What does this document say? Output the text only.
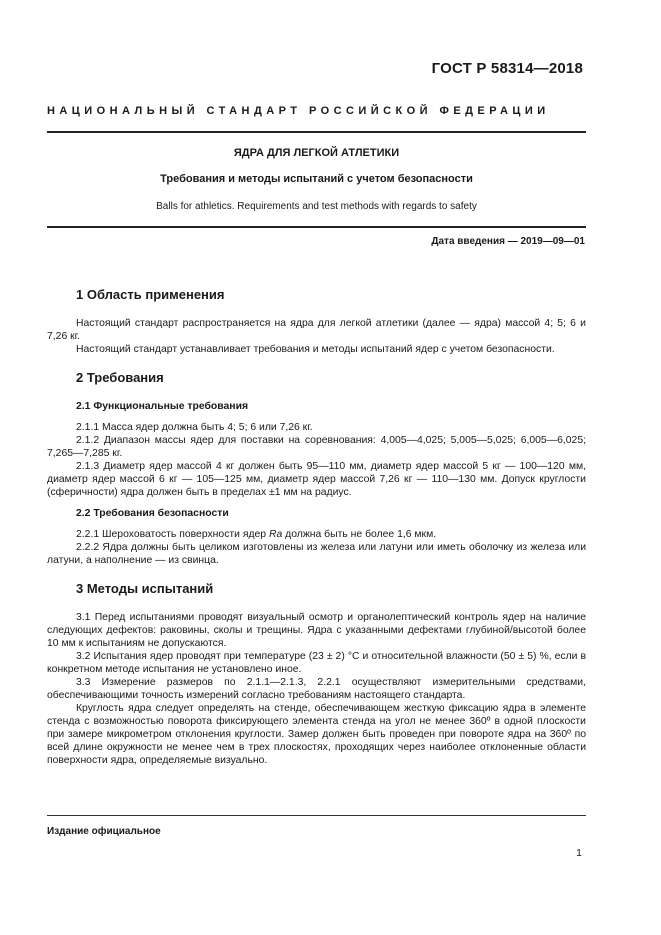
ГОСТ Р 58314—2018
НАЦИОНАЛЬНЫЙ СТАНДАРТ РОССИЙСКОЙ ФЕДЕРАЦИИ
ЯДРА ДЛЯ ЛЕГКОЙ АТЛЕТИКИ
Требования и методы испытаний с учетом безопасности
Balls for athletics. Requirements and test methods with regards to safety
Дата введения — 2019—09—01
1 Область применения

Настоящий стандарт распространяется на ядра для легкой атлетики (далее — ядра) массой 4; 5; 6 и 7,26 кг.

Настоящий стандарт устанавливает требования и методы испытаний ядер с учетом безопасности.

2 Требования
2.1 Функциональные требования

2.1.1 Масса ядер должна быть 4; 5; 6 или 7,26 кг.

2.1.2 Диапазон массы ядер для поставки на соревнования: 4,005—4,025; 5,005—5,025; 6,005—6,025; 7,265—7,285 кг.

2.1.3 Диаметр ядер массой 4 кг должен быть 95—110 мм, диаметр ядер массой 5 кг — 100—120 мм, диаметр ядер массой 6 кг — 105—125 мм, диаметр ядер массой 7,26 кг — 110—130 мм. Допуск круглости (сферичности) ядра должен быть в пределах ±1 мм на радиус.

2.2 Требования безопасности

2.2.1 Шероховатость поверхности ядер Ra должна быть не более 1,6 мкм.

2.2.2 Ядра должны быть целиком изготовлены из железа или латуни или иметь оболочку из железа или латуни, а наполнение — из свинца.

3 Методы испытаний

3.1 Перед испытаниями проводят визуальный осмотр и органолептический контроль ядер на наличие следующих дефектов: раковины, сколы и трещины. Ядра с указанными дефектами глубиной/высотой более 10 мм к испытаниям не допускаются.

3.2 Испытания ядер проводят при температуре (23 ± 2) °С и относительной влажности (50 ± 5) %, если в конкретном методе испытания не установлено иное.

3.3 Измерение размеров по 2.1.1—2.1.3, 2.2.1 осуществляют измерительными средствами, обеспечивающими точность измерений согласно требованиям настоящего стандарта.

Круглость ядра следует определять на стенде, обеспечивающем жесткую фиксацию ядра в элементе стенда с возможностью поворота фиксирующего элемента стенда на угол не менее 360º в одной плоскости при замере микрометром отклонения круглости. Замер должен быть проведен при повороте ядра на 360º по всей длине окружности не менее чем в трех плоскостях, проходящих через наиболее отклоненные области поверхности ядра, определяемые визуально.

Издание официальное
1
